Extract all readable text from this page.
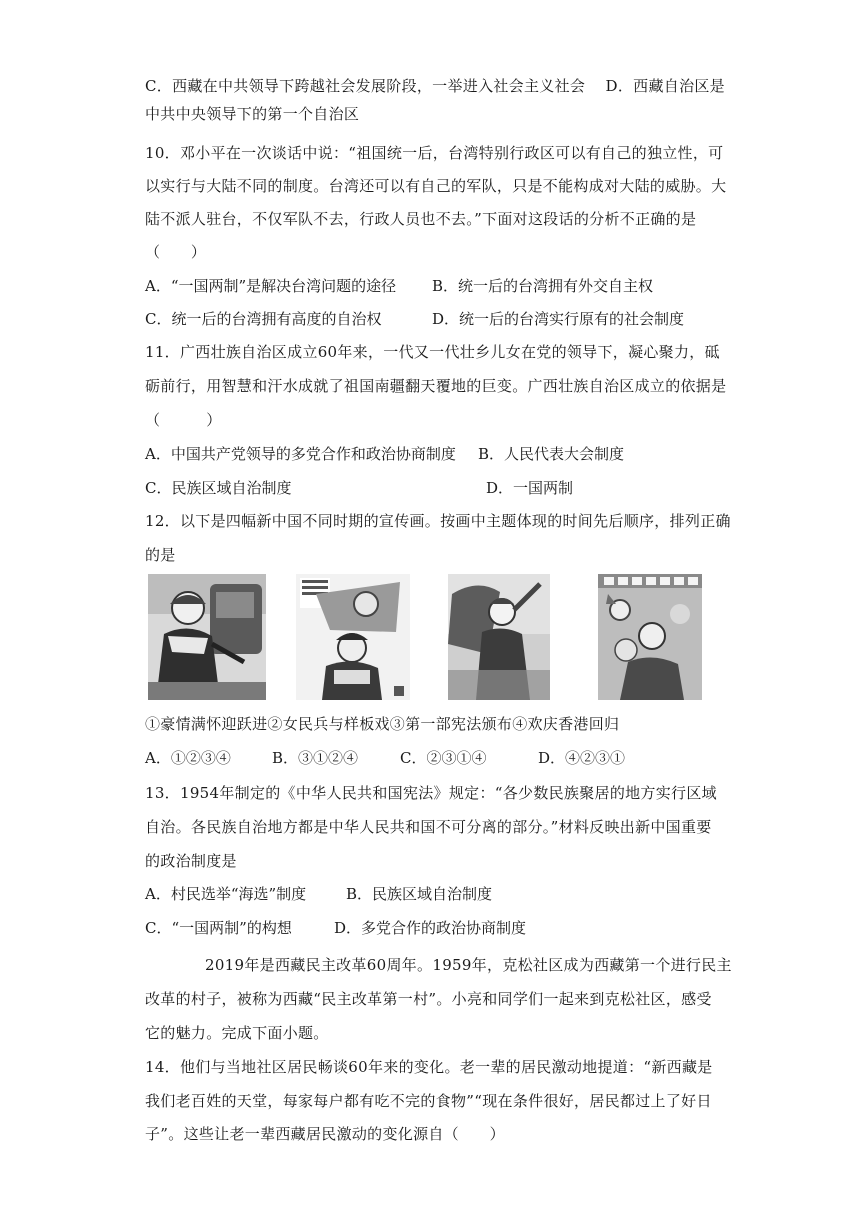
C．西藏在中共领导下跨越社会发展阶段，一举进入社会主义社会　 D．西藏自治区是
中共中央领导下的第一个自治区
10．邓小平在一次谈话中说：“祖国统一后，台湾特别行政区可以有自己的独立性，可
以实行与大陆不同的制度。台湾还可以有自己的军队，只是不能构成对大陆的威胁。大
陆不派人驻台，不仅军队不去，行政人员也不去。”下面对这段话的分析不正确的是
（　　）
A．“一国两制”是解决台湾问题的途径 B．统一后的台湾拥有外交自主权
C．统一后的台湾拥有高度的自治权	D．统一后的台湾实行原有的社会制度
11．广西壮族自治区成立60年来，一代又一代壮乡儿女在党的领导下，凝心聚力，砥
砺前行，用智慧和汗水成就了祖国南疆翻天覆地的巨变。广西壮族自治区成立的依据是
（　　　）
A．中国共产党领导的多党合作和政治协商制度 B．人民代表大会制度
C．民族区域自治制度	D．一国两制
12．以下是四幅新中国不同时期的宣传画。按画中主题体现的时间先后顺序，排列正确
的是
①豪情满怀迎跃进②女民兵与样板戏③第一部宪法颁布④欢庆香港回归
A．①②③④	B．③①②④	C．②③①④	D．④②③①
13．1954年制定的《中华人民共和国宪法》规定：“各少数民族聚居的地方实行区域
自治。各民族自治地方都是中华人民共和国不可分离的部分。”材料反映出新中国重要
的政治制度是
A．村民选举“海选”制度	B．民族区域自治制度
C．“一国两制”的构想	D．多党合作的政治协商制度
2019年是西藏民主改革60周年。1959年，克松社区成为西藏第一个进行民主
改革的村子，被称为西藏“民主改革第一村”。小亮和同学们一起来到克松社区，感受
它的魅力。完成下面小题。
14．他们与当地社区居民畅谈60年来的变化。老一辈的居民激动地提道：“新西藏是
我们老百姓的天堂，每家每户都有吃不完的食物”“现在条件很好，居民都过上了好日
子”。这些让老一辈西藏居民激动的变化源自（　　）
